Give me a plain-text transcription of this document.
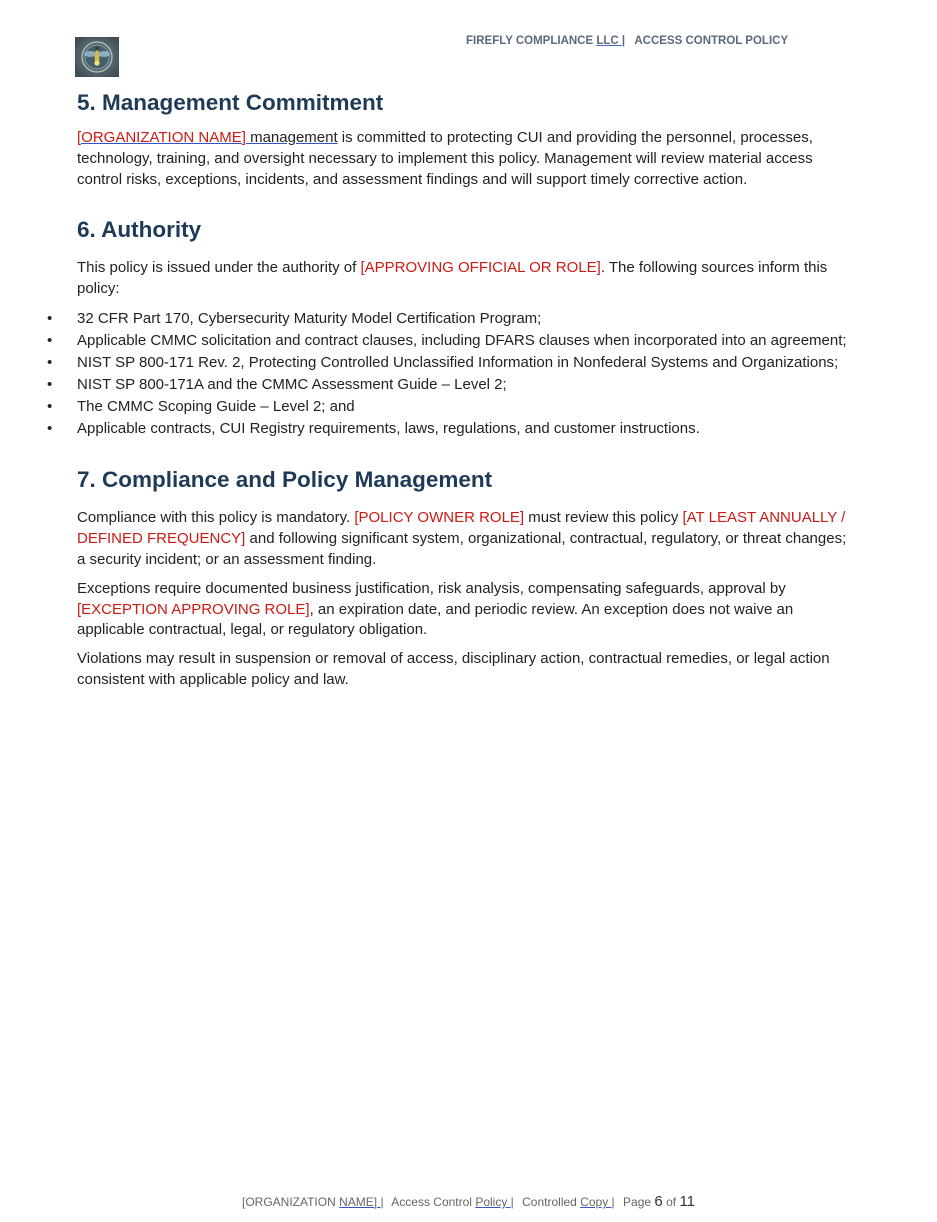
FIREFLY COMPLIANCE LLC | ACCESS CONTROL POLICY
5. Management Commitment

[ORGANIZATION NAME] management is committed to protecting CUI and providing the personnel, processes, technology, training, and oversight necessary to implement this policy. Management will review material access control risks, exceptions, incidents, and assessment findings and will support timely corrective action.

6. Authority

This policy is issued under the authority of [APPROVING OFFICIAL OR ROLE]. The following sources inform this policy:

• 32 CFR Part 170, Cybersecurity Maturity Model Certification Program;
• Applicable CMMC solicitation and contract clauses, including DFARS clauses when incorporated into an agreement;
• NIST SP 800-171 Rev. 2, Protecting Controlled Unclassified Information in Nonfederal Systems and Organizations;
• NIST SP 800-171A and the CMMC Assessment Guide – Level 2;
• The CMMC Scoping Guide – Level 2; and
• Applicable contracts, CUI Registry requirements, laws, regulations, and customer instructions.
7. Compliance and Policy Management

Compliance with this policy is mandatory. [POLICY OWNER ROLE] must review this policy [AT LEAST ANNUALLY / DEFINED FREQUENCY] and following significant system, organizational, contractual, regulatory, or threat changes; a security incident; or an assessment finding.

Exceptions require documented business justification, risk analysis, compensating safeguards, approval by [EXCEPTION APPROVING ROLE], an expiration date, and periodic review. An exception does not waive an applicable contractual, legal, or regulatory obligation.

Violations may result in suspension or removal of access, disciplinary action, contractual remedies, or legal action consistent with applicable policy and law.

[ORGANIZATION NAME] | Access Control Policy | Controlled Copy | Page 6 of 11
